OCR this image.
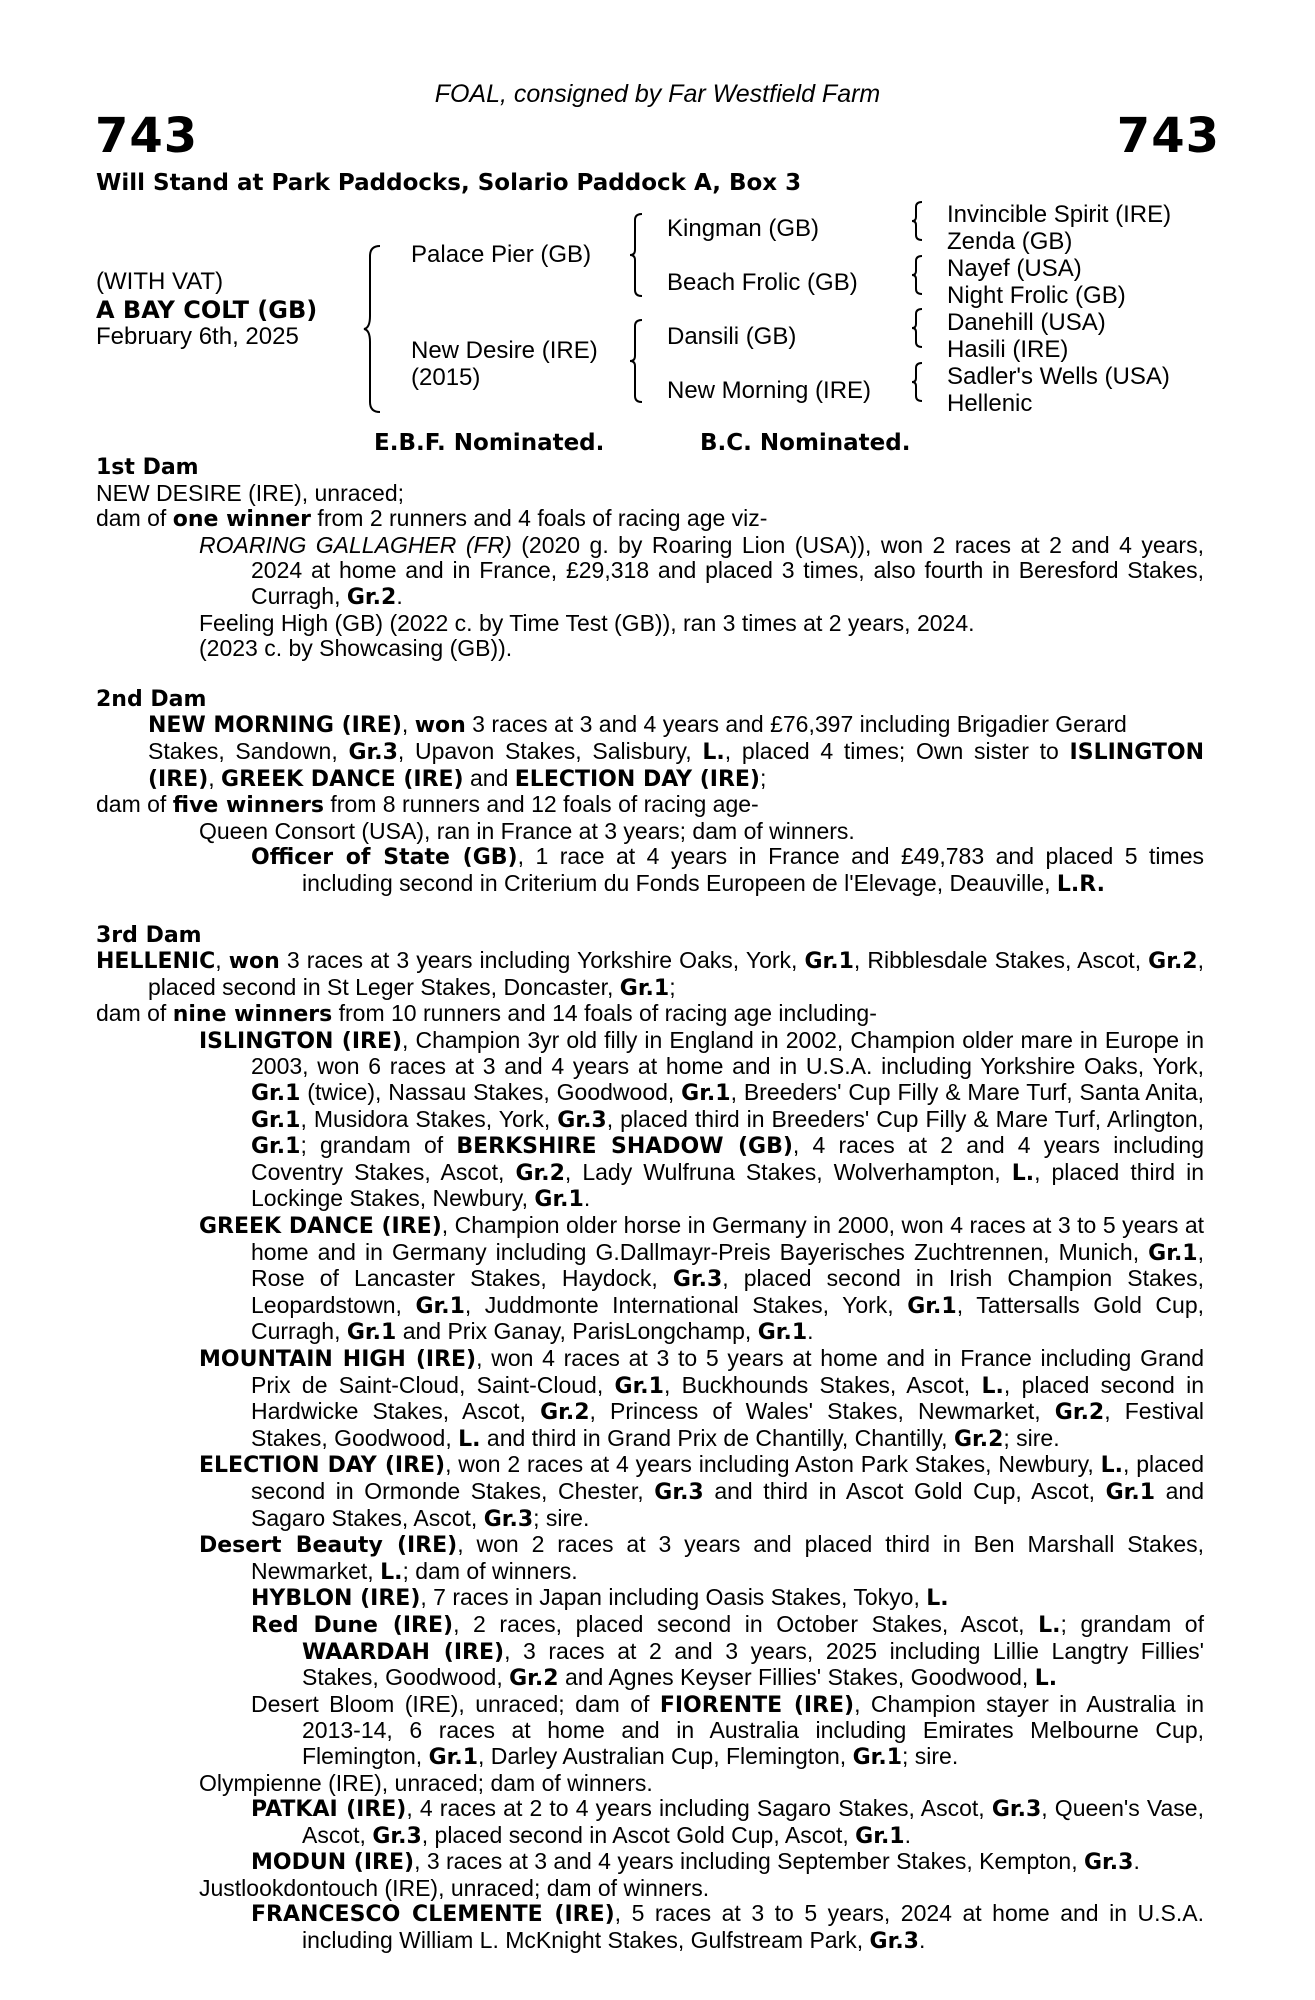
FOAL, consigned by Far Westfield Farm
743	743
Will Stand at Park Paddocks, Solario Paddock A, Box 3
(WITH VAT)
A BAY COLT (GB)
February 6th, 2025
Palace Pier (GB)
New Desire (IRE)
(2015)
Kingman (GB)
Beach Frolic (GB)
Dansili (GB)
New Morning (IRE)
Invincible Spirit (IRE)
Zenda (GB)
Nayef (USA)
Night Frolic (GB)
Danehill (USA)
Hasili (IRE)
Sadler's Wells (USA)
Hellenic
E.B.F. Nominated.	B.C. Nominated.

1st Dam

NEW DESIRE (IRE), unraced;

dam of one winner from 2 runners and 4 foals of racing age viz-

ROARING GALLAGHER (FR) (2020 g. by Roaring Lion (USA)), won 2 races at 2 and 4 years, 2024 at home and in France, £29,318 and placed 3 times, also fourth in Beresford Stakes, Curragh, Gr.2.

Feeling High (GB) (2022 c. by Time Test (GB)), ran 3 times at 2 years, 2024.

(2023 c. by Showcasing (GB)).

2nd Dam

NEW MORNING (IRE), won 3 races at 3 and 4 years and £76,397 including Brigadier Gerard

Stakes, Sandown, Gr.3, Upavon Stakes, Salisbury, L., placed 4 times; Own sister to ISLINGTON (IRE), GREEK DANCE (IRE) and ELECTION DAY (IRE);

dam of five winners from 8 runners and 12 foals of racing age-

Queen Consort (USA), ran in France at 3 years; dam of winners.

Officer of State (GB), 1 race at 4 years in France and £49,783 and placed 5 times including second in Criterium du Fonds Europeen de l'Elevage, Deauville, L.R.

3rd Dam

HELLENIC, won 3 races at 3 years including Yorkshire Oaks, York, Gr.1, Ribblesdale Stakes, Ascot, Gr.2, placed second in St Leger Stakes, Doncaster, Gr.1;

dam of nine winners from 10 runners and 14 foals of racing age including-

ISLINGTON (IRE), Champion 3yr old filly in England in 2002, Champion older mare in Europe in 2003, won 6 races at 3 and 4 years at home and in U.S.A. including Yorkshire Oaks, York, Gr.1 (twice), Nassau Stakes, Goodwood, Gr.1, Breeders' Cup Filly & Mare Turf, Santa Anita, Gr.1, Musidora Stakes, York, Gr.3, placed third in Breeders' Cup Filly & Mare Turf, Arlington, Gr.1; grandam of BERKSHIRE SHADOW (GB), 4 races at 2 and 4 years including Coventry Stakes, Ascot, Gr.2, Lady Wulfruna Stakes, Wolverhampton, L., placed third in Lockinge Stakes, Newbury, Gr.1.

GREEK DANCE (IRE), Champion older horse in Germany in 2000, won 4 races at 3 to 5 years at home and in Germany including G.Dallmayr-Preis Bayerisches Zuchtrennen, Munich, Gr.1, Rose of Lancaster Stakes, Haydock, Gr.3, placed second in Irish Champion Stakes, Leopardstown, Gr.1, Juddmonte International Stakes, York, Gr.1, Tattersalls Gold Cup, Curragh, Gr.1 and Prix Ganay, ParisLongchamp, Gr.1.

MOUNTAIN HIGH (IRE), won 4 races at 3 to 5 years at home and in France including Grand Prix de Saint-Cloud, Saint-Cloud, Gr.1, Buckhounds Stakes, Ascot, L., placed second in Hardwicke Stakes, Ascot, Gr.2, Princess of Wales' Stakes, Newmarket, Gr.2, Festival Stakes, Goodwood, L. and third in Grand Prix de Chantilly, Chantilly, Gr.2; sire.

ELECTION DAY (IRE), won 2 races at 4 years including Aston Park Stakes, Newbury, L., placed second in Ormonde Stakes, Chester, Gr.3 and third in Ascot Gold Cup, Ascot, Gr.1 and Sagaro Stakes, Ascot, Gr.3; sire.

Desert Beauty (IRE), won 2 races at 3 years and placed third in Ben Marshall Stakes, Newmarket, L.; dam of winners.

HYBLON (IRE), 7 races in Japan including Oasis Stakes, Tokyo, L.

Red Dune (IRE), 2 races, placed second in October Stakes, Ascot, L.; grandam of WAARDAH (IRE), 3 races at 2 and 3 years, 2025 including Lillie Langtry Fillies' Stakes, Goodwood, Gr.2 and Agnes Keyser Fillies' Stakes, Goodwood, L.

Desert Bloom (IRE), unraced; dam of FIORENTE (IRE), Champion stayer in Australia in 2013-14, 6 races at home and in Australia including Emirates Melbourne Cup, Flemington, Gr.1, Darley Australian Cup, Flemington, Gr.1; sire.

Olympienne (IRE), unraced; dam of winners.

PATKAI (IRE), 4 races at 2 to 4 years including Sagaro Stakes, Ascot, Gr.3, Queen's Vase, Ascot, Gr.3, placed second in Ascot Gold Cup, Ascot, Gr.1.

MODUN (IRE), 3 races at 3 and 4 years including September Stakes, Kempton, Gr.3.

Justlookdontouch (IRE), unraced; dam of winners.

FRANCESCO CLEMENTE (IRE), 5 races at 3 to 5 years, 2024 at home and in U.S.A. including William L. McKnight Stakes, Gulfstream Park, Gr.3.
